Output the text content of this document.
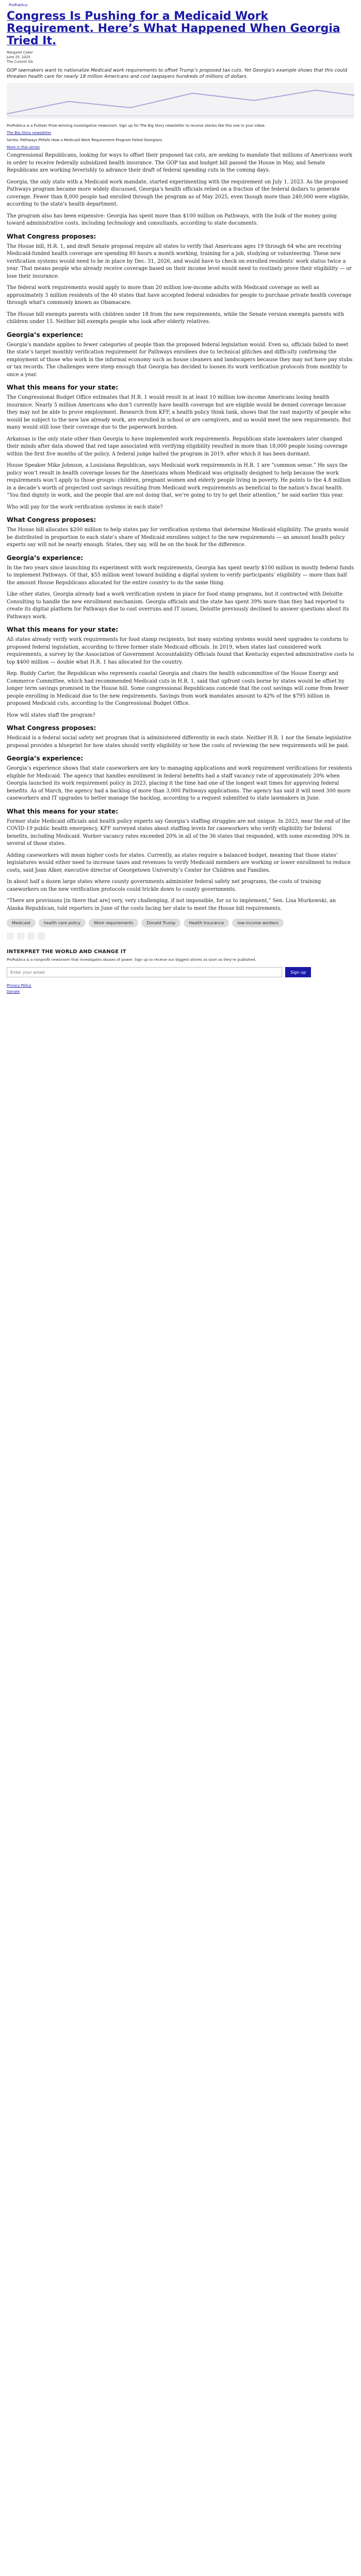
ProPublica
Congress Is Pushing for a Medicaid Work Requirement. Here’s What Happened When Georgia Tried It.
Margaret Coker
June 25, 2025
The Current GA
GOP lawmakers want to nationalize Medicaid work requirements to offset Trump’s proposed tax cuts. Yet Georgia’s example shows that this could threaten health care for nearly 18 million Americans and cost taxpayers hundreds of millions of dollars.

ProPublica is a Pulitzer Prize-winning investigative newsroom. Sign up for The Big Story newsletter to receive stories like this one in your inbox.

The Big Story newsletter

Series: Pathways Pitfalls How a Medicaid Work Requirement Program Failed Georgians

More in this series

Congressional Republicans, looking for ways to offset their proposed tax cuts, are seeking to mandate that millions of Americans work in order to receive federally subsidized health insurance. The GOP tax and budget bill passed the House in May, and Senate Republicans are working feverishly to advance their draft of federal spending cuts in the coming days.

Georgia, the only state with a Medicaid work mandate, started experimenting with the requirement on July 1, 2023. As the proposed Pathways program became more widely discussed, Georgia's health officials relied on a fraction of the federal dollars to generate coverage. Fewer than 8,000 people had enrolled through the program as of May 2025, even though more than 240,000 were eligible, according to the state's health department.

The program also has been expensive: Georgia has spent more than $100 million on Pathways, with the bulk of the money going toward administrative costs, including technology and consultants, according to state documents.

What Congress proposes:

The House bill, H.R. 1, and draft Senate proposal require all states to verify that Americans ages 19 through 64 who are receiving Medicaid-funded health coverage are spending 80 hours a month working, training for a job, studying or volunteering. These new verification systems would need to be in place by Dec. 31, 2026, and would have to check on enrolled residents' work status twice a year. That means people who already receive coverage based on their income level would need to routinely prove their eligibility — or lose their insurance.

The federal work requirements would apply to more than 20 million low-income adults with Medicaid coverage as well as approximately 3 million residents of the 40 states that have accepted federal subsidies for people to purchase private health coverage through what's commonly known as Obamacare.

The House bill exempts parents with children under 18 from the new requirements, while the Senate version exempts parents with children under 15. Neither bill exempts people who look after elderly relatives.

Georgia’s experience:

Georgia’s mandate applies to fewer categories of people than the proposed federal legislation would. Even so, officials failed to meet the state’s target monthly verification requirement for Pathways enrollees due to technical glitches and difficulty confirming the employment of those who work in the informal economy such as house cleaners and landscapers because they may not have pay stubs or tax records. The challenges were steep enough that Georgia has decided to loosen its work verification protocols from monthly to once a year.

What this means for your state:

The Congressional Budget Office estimates that H.R. 1 would result in at least 10 million low-income Americans losing health insurance. Nearly 5 million Americans who don’t currently have health coverage but are eligible would be denied coverage because they may not be able to prove employment. Research from KFF, a health policy think tank, shows that the vast majority of people who would be subject to the new law already work, are enrolled in school or are caregivers, and so would meet the new requirements. But many would still lose their coverage due to the paperwork burden.

Arkansas is the only state other than Georgia to have implemented work requirements. Republican state lawmakers later changed their minds after data showed that red tape associated with verifying eligibility resulted in more than 18,000 people losing coverage within the first five months of the policy. A federal judge halted the program in 2019, after which it has been dormant.

House Speaker Mike Johnson, a Louisiana Republican, says Medicaid work requirements in H.R. 1 are “common sense.” He says the policy won’t result in health coverage losses for the Americans whom Medicaid was originally designed to help because the work requirements won’t apply to those groups: children, pregnant women and elderly people living in poverty. He points to the 4.8 million in a decade’s worth of projected cost savings resulting from Medicaid work requirements as beneficial to the nation’s fiscal health. “You find dignity in work, and the people that are not doing that, we’re going to try to get their attention,” he said earlier this year.

Who will pay for the work verification systems in each state?

What Congress proposes:

The House bill allocates $200 million to help states pay for verification systems that determine Medicaid eligibility. The grants would be distributed in proportion to each state’s share of Medicaid enrollees subject to the new requirements — an amount health policy experts say will not be nearly enough. States, they say, will be on the hook for the difference.

Georgia’s experience:

In the two years since launching its experiment with work requirements, Georgia has spent nearly $100 million in mostly federal funds to implement Pathways. Of that, $55 million went toward building a digital system to verify participants’ eligibility — more than half the amount House Republicans allocated for the entire country to do the same thing.

Like other states, Georgia already had a work verification system in place for food stamp programs, but it contracted with Deloitte Consulting to handle the new enrollment mechanism. Georgia officials and the state has spent 39% more than they had reported to create its digital platform for Pathways due to cost overruns and IT issues, Deloitte previously declined to answer questions about its Pathways work.

What this means for your state:

All states already verify work requirements for food stamp recipients, but many existing systems would need upgrades to conform to proposed federal legislation, according to three former state Medicaid officials. In 2019, when states last considered work requirements, a survey by the Association of Government Accountability Officials found that Kentucky expected administrative costs to top $400 million — double what H.R. 1 has allocated for the country.

Rep. Buddy Carter, the Republican who represents coastal Georgia and chairs the health subcommittee of the House Energy and Commerce Committee, which had recommended Medicaid cuts in H.R. 1, said that upfront costs borne by states would be offset by longer term savings promised in the House bill. Some congressional Republicans concede that the cost savings will come from fewer people enrolling in Medicaid due to the new requirements. Savings from work mandates amount to 42% of the $795 billion in proposed Medicaid cuts, according to the Congressional Budget Office.

How will states staff the program?

What Congress proposes:

Medicaid is a federal social safety net program that is administered differently in each state. Neither H.R. 1 nor the Senate legislative proposal provides a blueprint for how states should verify eligibility or how the costs of reviewing the new requirements will be paid.

Georgia’s experience:

Georgia’s experience shows that state caseworkers are key to managing applications and work requirement verifications for residents eligible for Medicaid. The agency that handles enrollment in federal benefits had a staff vacancy rate of approximately 20% when Georgia launched its work requirement policy in 2023, placing it the time had one of the longest wait times for approving federal benefits. As of March, the agency had a backlog of more than 3,000 Pathways applications. The agency has said it will need 300 more caseworkers and IT upgrades to better manage the backlog, according to a request submitted to state lawmakers in June.

What this means for your state:

Former state Medicaid officials and health policy experts say Georgia’s staffing struggles are not unique. In 2023, near the end of the COVID-19 public health emergency, KFF surveyed states about staffing levels for caseworkers who verify eligibility for federal benefits, including Medicaid. Worker vacancy rates exceeded 20% in all of the 36 states that responded, with some exceeding 30% in several of those states.

Adding caseworkers will mean higher costs for states. Currently, as states require a balanced budget, meaning that those states’ legislatures would either need to increase taxes and revenues to verify Medicaid members are working or lower enrollment to reduce costs, said Joan Alker, executive director of Georgetown University’s Center for Children and Families.

In about half a dozen large states where county governments administer federal safety net programs, the costs of training caseworkers on the new verification protocols could trickle down to county governments.

“There are provisions [in there that are] very, very challenging, if not impossible, for us to implement,” Sen. Lisa Murkowski, an Alaska Republican, told reporters in June of the costs facing her state to meet the House bill requirements.

Medicaid	health care policy	Work requirements	Donald Trump	Health Insurance	low-income workers
INTERPRET THE WORLD AND CHANGE IT
ProPublica is a nonprofit newsroom that investigates abuses of power. Sign up to receive our biggest stories as soon as they’re published.
Enter your email
Sign up
Privacy Policy
Donate
